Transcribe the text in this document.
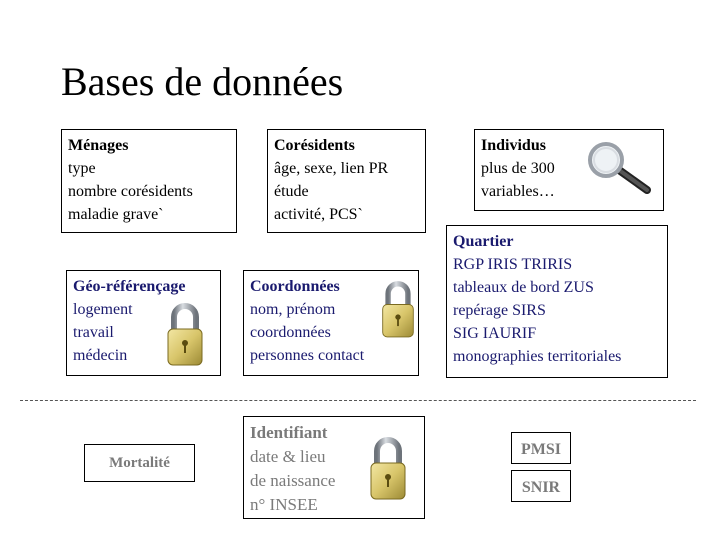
Bases de données
Ménages
type
nombre corésidents
maladie grave`
Corésidents
âge, sexe, lien PR
étude
activité, PCS`
Individus
plus de 300
variables…
Quartier
RGP IRIS TRIRIS
tableaux de bord ZUS
repérage SIRS
SIG IAURIF
monographies territoriales
Géo-référençage
logement
travail
médecin
Coordonnées
nom, prénom
coordonnées
personnes contact
Mortalité
Identifiant
date & lieu
de naissance
n° INSEE
PMSI
SNIR
